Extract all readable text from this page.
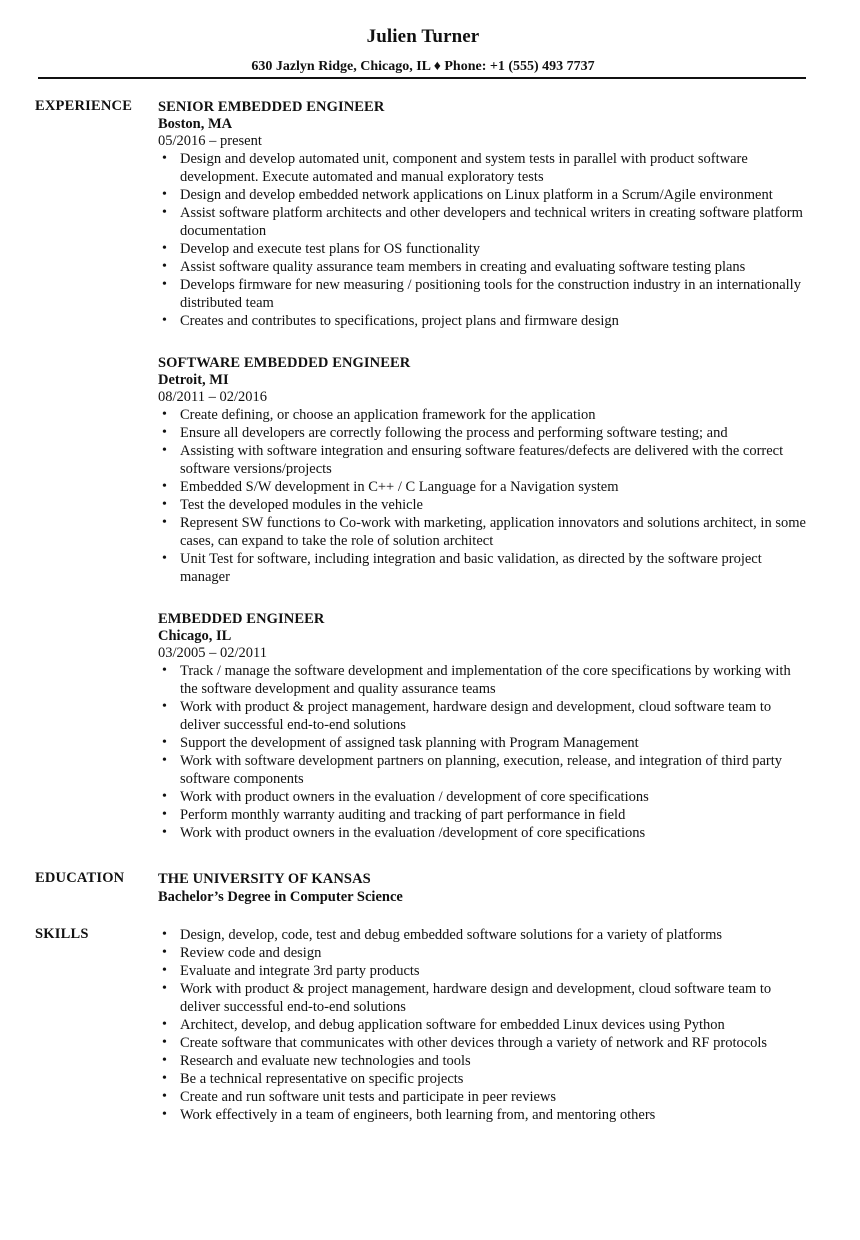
Julien Turner
630 Jazlyn Ridge, Chicago, IL ♦ Phone: +1 (555) 493 7737
EXPERIENCE SENIOR EMBEDDED ENGINEER
Boston, MA
05/2016 – present
• Design and develop automated unit, component and system tests in parallel with product software development. Execute automated and manual exploratory tests
• Design and develop embedded network applications on Linux platform in a Scrum/Agile environment
• Assist software platform architects and other developers and technical writers in creating software platform documentation
• Develop and execute test plans for OS functionality
• Assist software quality assurance team members in creating and evaluating software testing plans
• Develops firmware for new measuring / positioning tools for the construction industry in an internationally distributed team
• Creates and contributes to specifications, project plans and firmware design
SOFTWARE EMBEDDED ENGINEER
Detroit, MI
08/2011 – 02/2016
• Create defining, or choose an application framework for the application
• Ensure all developers are correctly following the process and performing software testing; and
• Assisting with software integration and ensuring software features/defects are delivered with the correct software versions/projects
• Embedded S/W development in C++ / C Language for a Navigation system
• Test the developed modules in the vehicle
• Represent SW functions to Co-work with marketing, application innovators and solutions architect, in some cases, can expand to take the role of solution architect
• Unit Test for software, including integration and basic validation, as directed by the software project manager
EMBEDDED ENGINEER
Chicago, IL
03/2005 – 02/2011
• Track / manage the software development and implementation of the core specifications by working with the software development and quality assurance teams
• Work with product & project management, hardware design and development, cloud software team to deliver successful end-to-end solutions
• Support the development of assigned task planning with Program Management
• Work with software development partners on planning, execution, release, and integration of third party software components
• Work with product owners in the evaluation / development of core specifications
• Perform monthly warranty auditing and tracking of part performance in field
• Work with product owners in the evaluation /development of core specifications
EDUCATION THE UNIVERSITY OF KANSAS
Bachelor’s Degree in Computer Science
SKILLS
•	Design, develop, code, test and debug embedded software solutions for a variety of platforms
• Review code and design
• Evaluate and integrate 3rd party products
• Work with product & project management, hardware design and development, cloud software team to deliver successful end-to-end solutions
• Architect, develop, and debug application software for embedded Linux devices using Python
• Create software that communicates with other devices through a variety of network and RF protocols
• Research and evaluate new technologies and tools
• Be a technical representative on specific projects
• Create and run software unit tests and participate in peer reviews
• Work effectively in a team of engineers, both learning from, and mentoring others
